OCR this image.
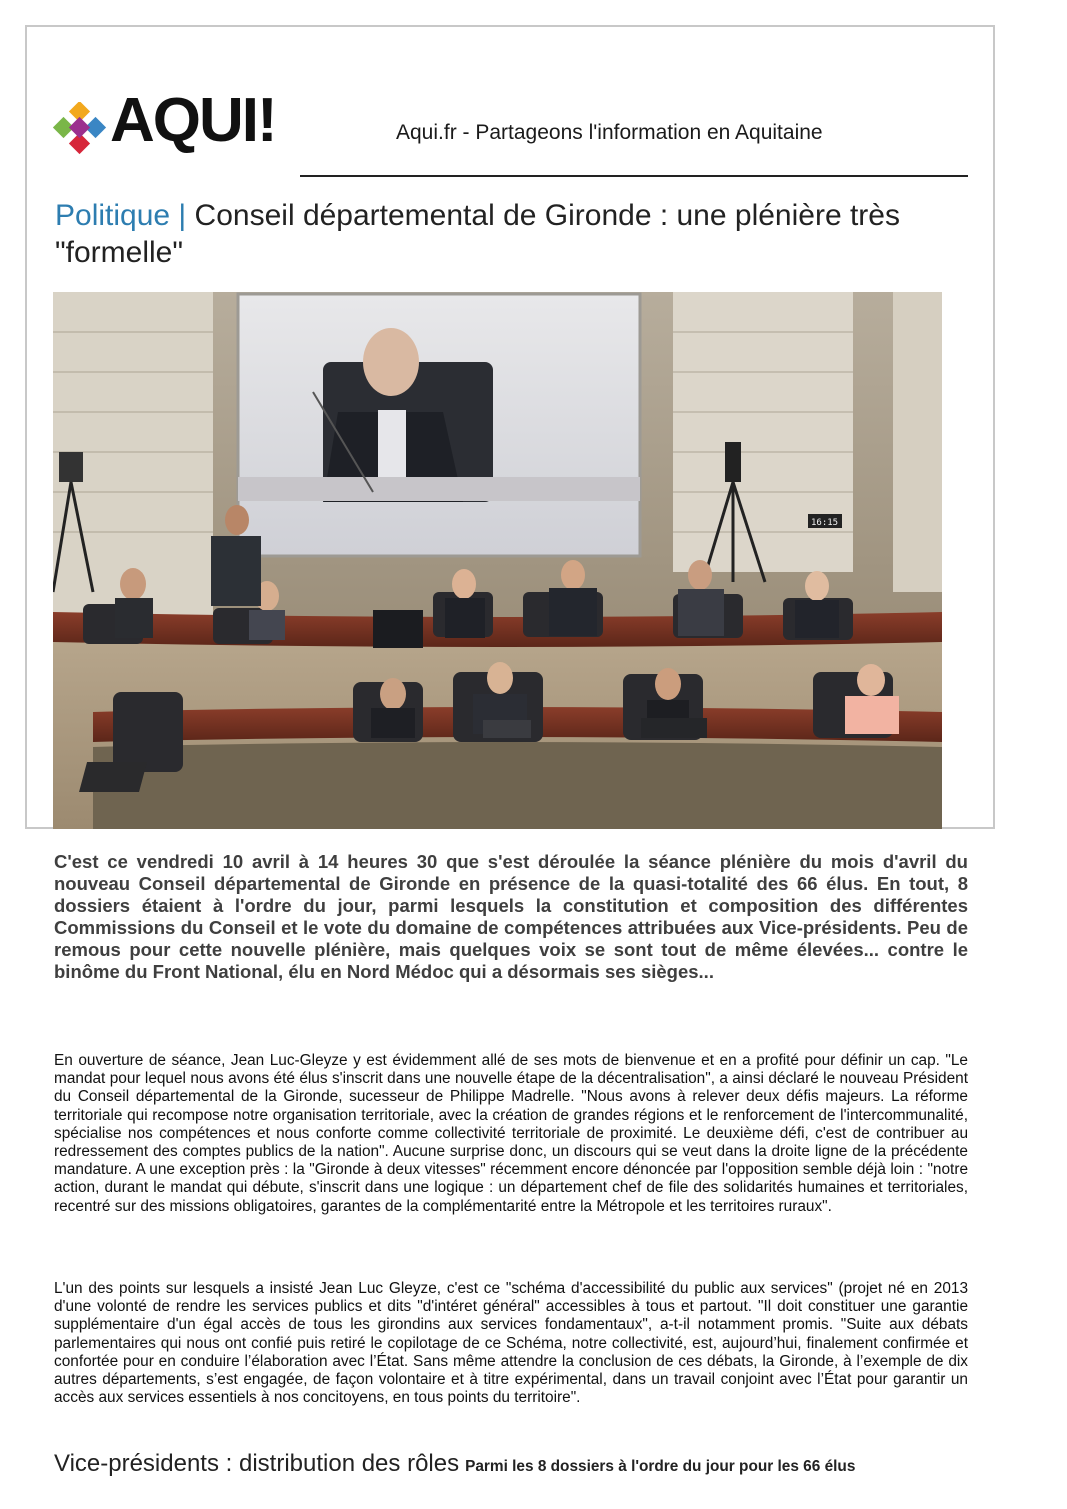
AQUI!	Aqui.fr - Partageons l'information en Aquitaine
Politique | Conseil départemental de Gironde : une plénière très "formelle"
16:15
C'est ce vendredi 10 avril à 14 heures 30 que s'est déroulée la séance plénière du mois d'avril du nouveau Conseil départemental de Gironde en présence de la quasi-totalité des 66 élus. En tout, 8 dossiers étaient à l'ordre du jour, parmi lesquels la constitution et composition des différentes Commissions du Conseil et le vote du domaine de compétences attribuées aux Vice-présidents. Peu de remous pour cette nouvelle plénière, mais quelques voix se sont tout de même élevées... contre le binôme du Front National, élu en Nord Médoc qui a désormais ses sièges...
En ouverture de séance, Jean Luc-Gleyze y est évidemment allé de ses mots de bienvenue et en a profité pour définir un cap. "Le mandat pour lequel nous avons été élus s'inscrit dans une nouvelle étape de la décentralisation", a ainsi déclaré le nouveau Président du Conseil départemental de la Gironde, sucesseur de Philippe Madrelle. "Nous avons à relever deux défis majeurs. La réforme territoriale qui recompose notre organisation territoriale, avec la création de grandes régions et le renforcement de l'intercommunalité, spécialise nos compétences et nous conforte comme collectivité territoriale de proximité. Le deuxième défi, c'est de contribuer au redressement des comptes publics de la nation". Aucune surprise donc, un discours qui se veut dans la droite ligne de la précédente mandature. A une exception près : la "Gironde à deux vitesses" récemment encore dénoncée par l'opposition semble déjà loin : "notre action, durant le mandat qui débute, s'inscrit dans une logique : un département chef de file des solidarités humaines et territoriales, recentré sur des missions obligatoires, garantes de la complémentarité entre la Métropole et les territoires ruraux".
L'un des points sur lesquels a insisté Jean Luc Gleyze, c'est ce "schéma d'accessibilité du public aux services" (projet né en 2013 d'une volonté de rendre les services publics et dits "d'intéret général" accessibles à tous et partout. "Il doit constituer une garantie supplémentaire d'un égal accès de tous les girondins aux services fondamentaux", a-t-il notamment promis. "Suite aux débats parlementaires qui nous ont confié puis retiré le copilotage de ce Schéma, notre collectivité, est, aujourd’hui, finalement confirmée et confortée pour en conduire l’élaboration avec l’État. Sans même attendre la conclusion de ces débats, la Gironde, à l’exemple de dix autres départements, s’est engagée, de façon volontaire et à titre expérimental, dans un travail conjoint avec l’État pour garantir un accès aux services essentiels à nos concitoyens, en tous points du territoire".
Vice-présidents : distribution des rôles Parmi les 8 dossiers à l'ordre du jour pour les 66 élus
